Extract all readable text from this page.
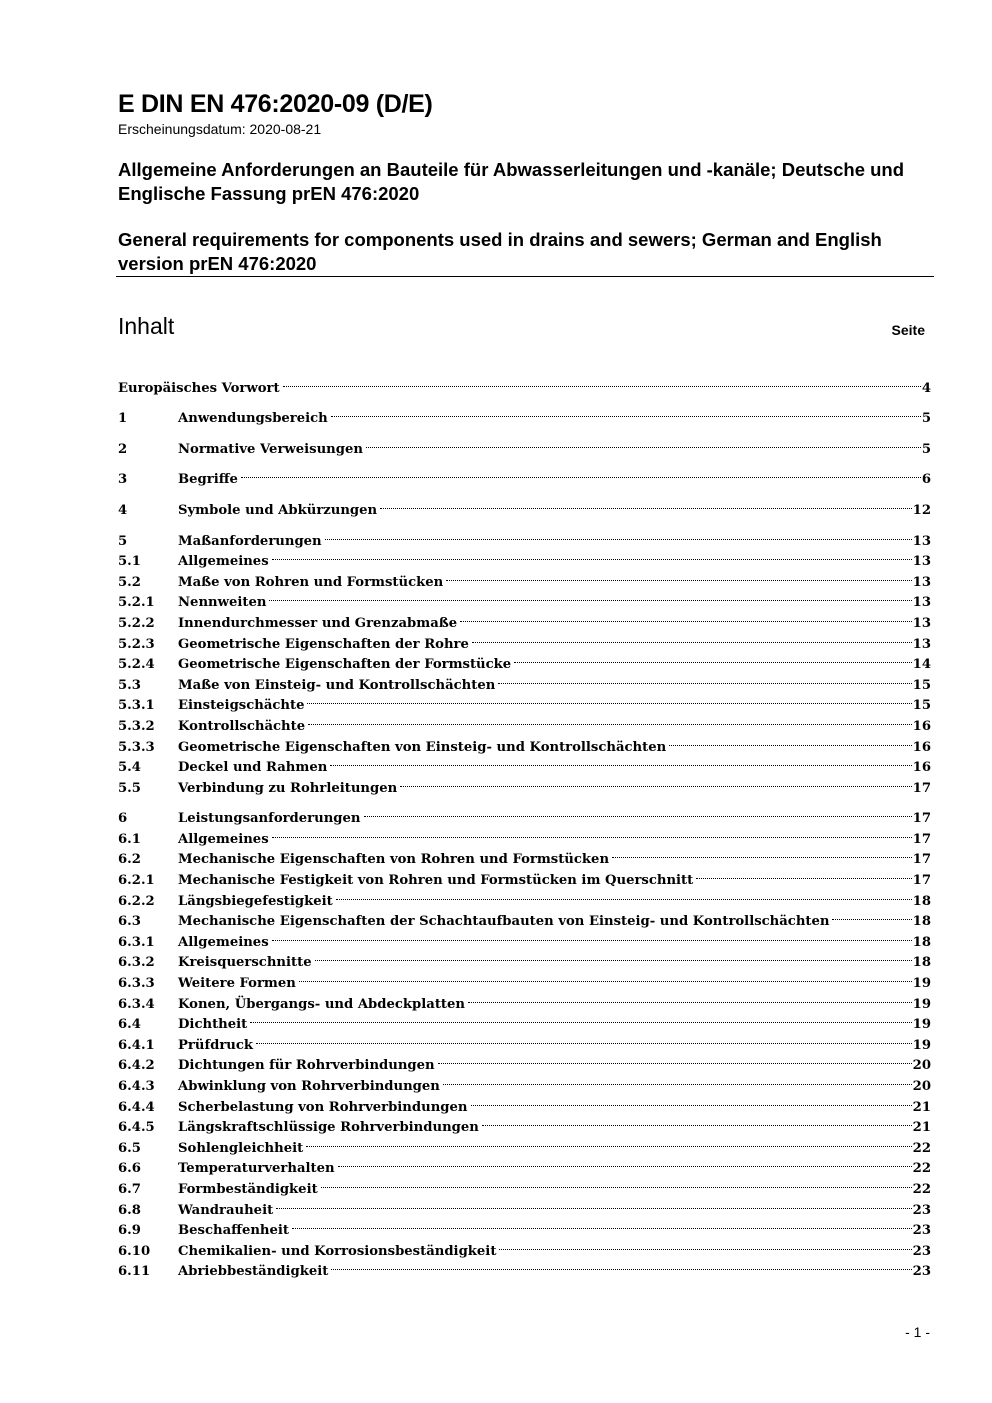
E DIN EN 476:2020-09 (D/E)
Erscheinungsdatum: 2020-08-21
Allgemeine Anforderungen an Bauteile für Abwasserleitungen und -kanäle; Deutsche und Englische Fassung prEN 476:2020
General requirements for components used in drains and sewers; German and English version prEN 476:2020
Inhalt	Seite
Europäisches Vorwort	4
1	Anwendungsbereich	5
2	Normative Verweisungen	5
3	Begriffe	6
4	Symbole und Abkürzungen	12
5	Maßanforderungen	13
5.1	Allgemeines	13
5.2	Maße von Rohren und Formstücken	13
5.2.1	Nennweiten	13
5.2.2	Innendurchmesser und Grenzabmaße	13
5.2.3	Geometrische Eigenschaften der Rohre	13
5.2.4	Geometrische Eigenschaften der Formstücke	14
5.3	Maße von Einsteig- und Kontrollschächten	15
5.3.1	Einsteigschächte	15
5.3.2	Kontrollschächte	16
5.3.3	Geometrische Eigenschaften von Einsteig- und Kontrollschächten	16
5.4	Deckel und Rahmen	16
5.5	Verbindung zu Rohrleitungen	17
6	Leistungsanforderungen	17
6.1	Allgemeines	17
6.2	Mechanische Eigenschaften von Rohren und Formstücken	17
6.2.1	Mechanische Festigkeit von Rohren und Formstücken im Querschnitt	17
6.2.2	Längsbiegefestigkeit	18
6.3	Mechanische Eigenschaften der Schachtaufbauten von Einsteig- und Kontrollschächten	18
6.3.1	Allgemeines	18
6.3.2	Kreisquerschnitte	18
6.3.3	Weitere Formen	19
6.3.4	Konen, Übergangs- und Abdeckplatten	19
6.4	Dichtheit	19
6.4.1	Prüfdruck	19
6.4.2	Dichtungen für Rohrverbindungen	20
6.4.3	Abwinklung von Rohrverbindungen	20
6.4.4	Scherbelastung von Rohrverbindungen	21
6.4.5	Längskraftschlüssige Rohrverbindungen	21
6.5	Sohlengleichheit	22
6.6	Temperaturverhalten	22
6.7	Formbeständigkeit	22
6.8	Wandrauheit	23
6.9	Beschaffenheit	23
6.10	Chemikalien- und Korrosionsbeständigkeit	23
6.11	Abriebbeständigkeit	23
- 1 -
